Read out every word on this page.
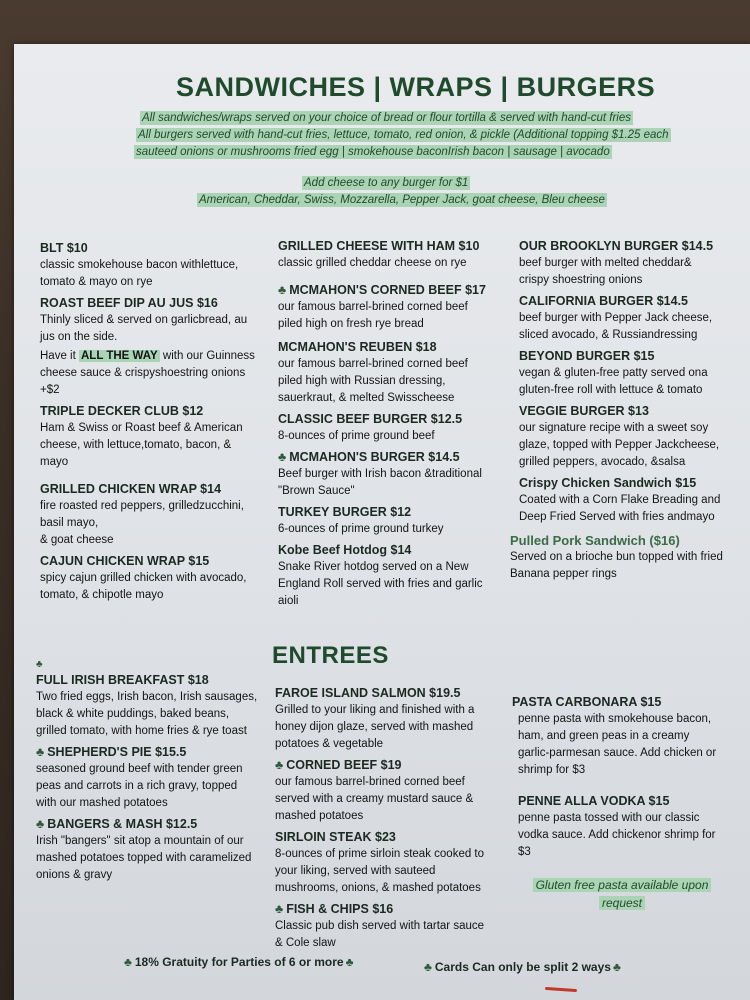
SANDWICHES | WRAPS | BURGERS
All sandwiches/wraps served on your choice of bread or flour tortilla & served with hand-cut fries
All burgers served with hand-cut fries, lettuce, tomato, red onion, & pickle (Additional topping $1.25 each
sauteed onions or mushrooms fried egg | smokehouse baconIrish bacon | sausage | avocado
Add cheese to any burger for $1
American, Cheddar, Swiss, Mozzarella, Pepper Jack, goat cheese, Bleu cheese
BLT $10
classic smokehouse bacon withlettuce, tomato & mayo on rye
ROAST BEEF DIP AU JUS $16
Thinly sliced & served on garlicbread, au jus on the side.
Have it ALL THE WAY with our Guinness cheese sauce & crispyshoestring onions +$2
TRIPLE DECKER CLUB $12
Ham & Swiss or Roast beef & American cheese, with lettuce,tomato, bacon, & mayo
GRILLED CHICKEN WRAP $14
fire roasted red peppers, grilledzucchini, basil mayo,
& goat cheese
CAJUN CHICKEN WRAP $15
spicy cajun grilled chicken with avocado, tomato, & chipotle mayo
GRILLED CHEESE WITH HAM $10
classic grilled cheddar cheese on rye
♣ MCMAHON'S CORNED BEEF $17
our famous barrel-brined corned beef piled high on fresh rye bread
MCMAHON'S REUBEN $18
our famous barrel-brined corned beef piled high with Russian dressing, sauerkraut, & melted Swisscheese
CLASSIC BEEF BURGER $12.5
8-ounces of prime ground beef
♣ MCMAHON'S BURGER $14.5
Beef burger with Irish bacon &traditional "Brown Sauce"
TURKEY BURGER $12
6-ounces of prime ground turkey
Kobe Beef Hotdog $14
Snake River hotdog served on a New England Roll served with fries and garlic aioli
OUR BROOKLYN BURGER $14.5
beef burger with melted cheddar& crispy shoestring onions
CALIFORNIA BURGER $14.5
beef burger with Pepper Jack cheese, sliced avocado, & Russiandressing
BEYOND BURGER $15
vegan & gluten-free patty served ona gluten-free roll with lettuce & tomato
VEGGIE BURGER $13
our signature recipe with a sweet soy glaze, topped with Pepper Jackcheese, grilled peppers, avocado, &salsa
Crispy Chicken Sandwich $15
Coated with a Corn Flake Breading and Deep Fried Served with fries andmayo
Pulled Pork Sandwich ($16)
Served on a brioche bun topped with fried Banana pepper rings
ENTREES
♣
FULL IRISH BREAKFAST $18
Two fried eggs, Irish bacon, Irish sausages, black & white puddings, baked beans, grilled tomato, with home fries & rye toast
♣ SHEPHERD'S PIE $15.5
seasoned ground beef with tender green peas and carrots in a rich gravy, topped with our mashed potatoes
♣ BANGERS & MASH $12.5
Irish "bangers" sit atop a mountain of our mashed potatoes topped with caramelized onions & gravy
FAROE ISLAND SALMON $19.5
Grilled to your liking and finished with a honey dijon glaze, served with mashed potatoes & vegetable
♣ CORNED BEEF $19
our famous barrel-brined corned beef served with a creamy mustard sauce & mashed potatoes
SIRLOIN STEAK $23
8-ounces of prime sirloin steak cooked to your liking, served with sauteed mushrooms, onions, & mashed potatoes
♣ FISH & CHIPS $16
Classic pub dish served with tartar sauce & Cole slaw
PASTA CARBONARA $15
penne pasta with smokehouse bacon, ham, and green peas in a creamy garlic-parmesan sauce. Add chicken or shrimp for $3
PENNE ALLA VODKA $15
penne pasta tossed with our classic vodka sauce. Add chickenor shrimp for $3
Gluten free pasta available upon
request
♣ 18% Gratuity for Parties of 6 or more ♣	♣ Cards Can only be split 2 ways ♣
